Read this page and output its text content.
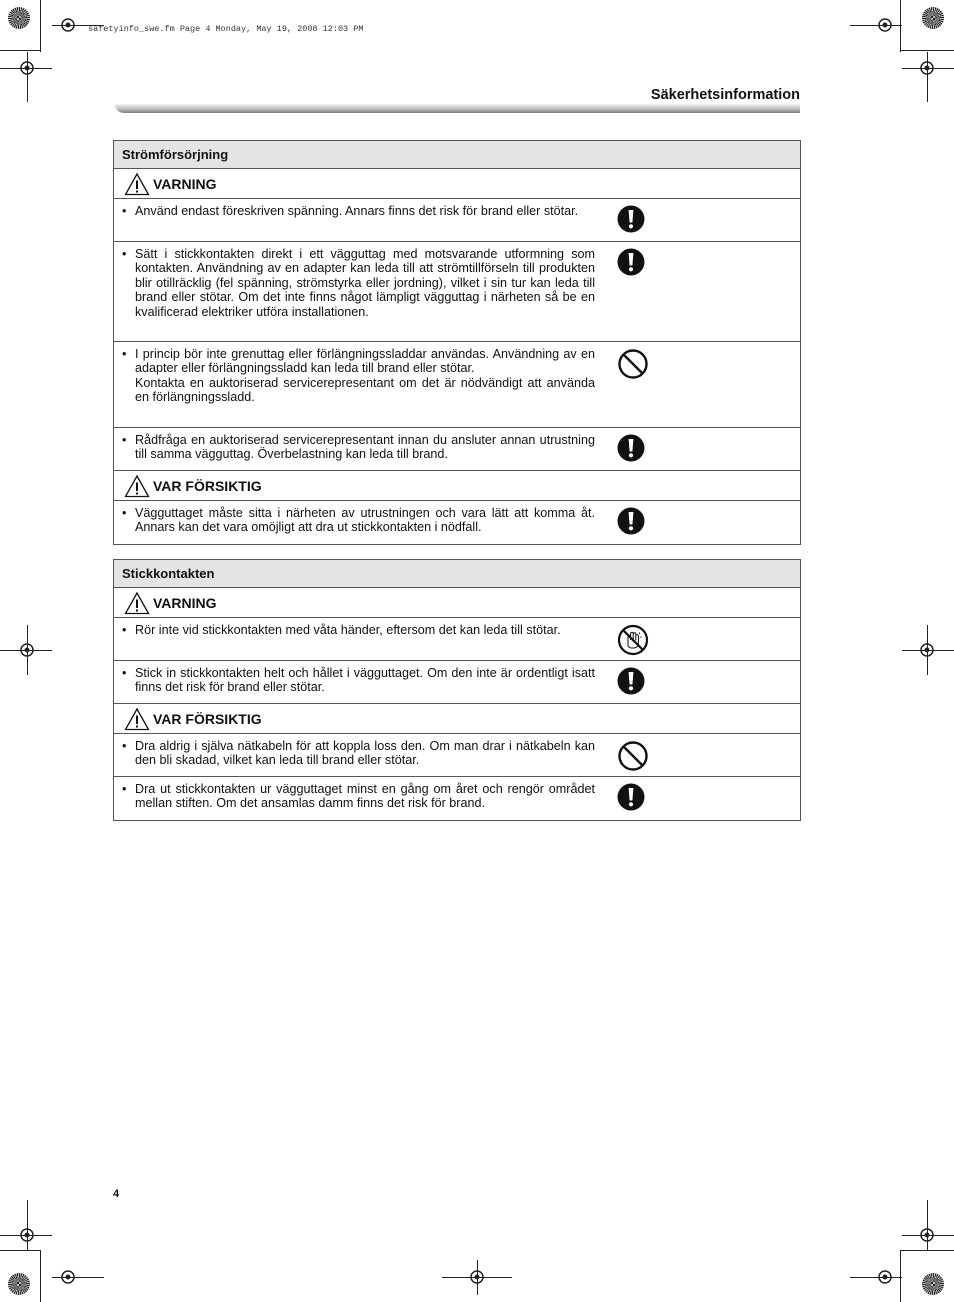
safetyinfo_swe.fm Page 4 Monday, May 19, 2008 12:03 PM
Säkerhetsinformation
Strömförsörjning
VARNING
• Använd endast föreskriven spänning. Annars finns det risk för brand eller stötar.

• Sätt i stickkontakten direkt i ett vägguttag med motsvarande utformning som kontakten. Användning av en adapter kan leda till att strömtillförseln till produkten blir otillräcklig (fel spänning, strömstyrka eller jordning), vilket i sin tur kan leda till brand eller stötar. Om det inte finns något lämpligt vägguttag i närheten så be en kvalificerad elektriker utföra installationen.

• I princip bör inte grenuttag eller förlängningssladdar användas. Användning av en adapter eller förlängningssladd kan leda till brand eller stötar.

Kontakta en auktoriserad servicerepresentant om det är nödvändigt att använda en förlängningssladd.

• Rådfråga en auktoriserad servicerepresentant innan du ansluter annan utrustning till samma vägguttag. Överbelastning kan leda till brand.

VAR FÖRSIKTIG
• Vägguttaget måste sitta i närheten av utrustningen och vara lätt att komma åt. Annars kan det vara omöjligt att dra ut stickkontakten i nödfall.

Stickkontakten
VARNING
• Rör inte vid stickkontakten med våta händer, eftersom det kan leda till stötar.

• Stick in stickkontakten helt och hållet i vägguttaget. Om den inte är ordentligt isatt finns det risk för brand eller stötar.

VAR FÖRSIKTIG
• Dra aldrig i själva nätkabeln för att koppla loss den. Om man drar i nätkabeln kan den bli skadad, vilket kan leda till brand eller stötar.

• Dra ut stickkontakten ur vägguttaget minst en gång om året och rengör området mellan stiften. Om det ansamlas damm finns det risk för brand.

4
